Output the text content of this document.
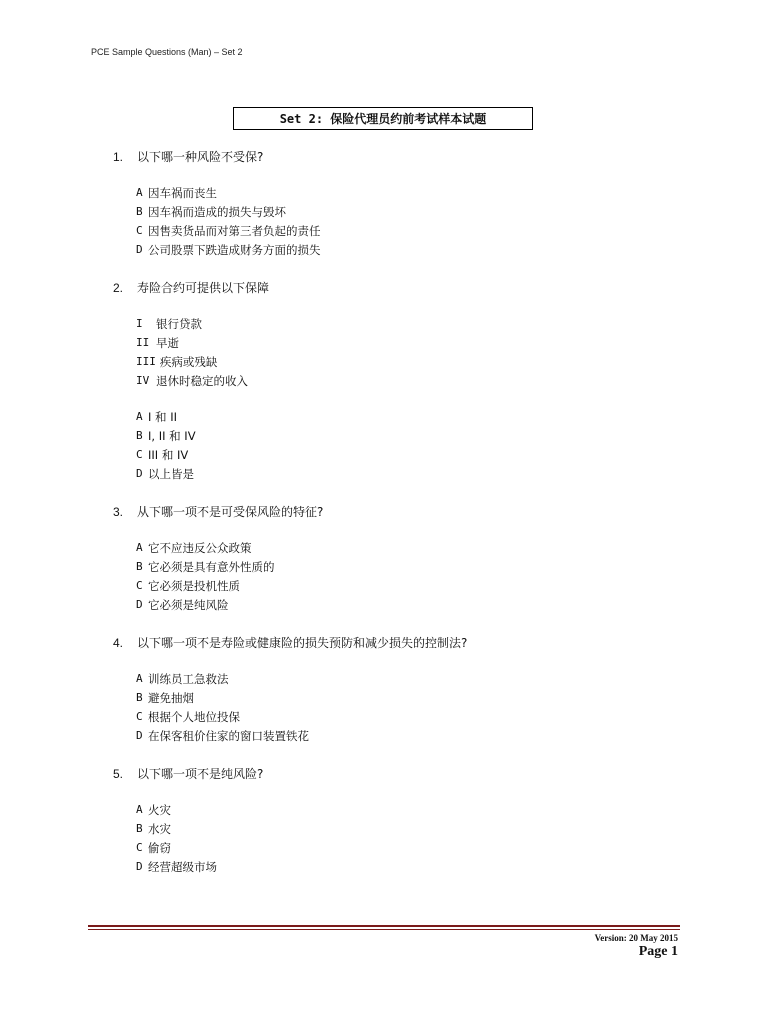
PCE Sample Questions (Man) – Set 2
Set 2: 保险代理员约前考试样本试题
1.	以下哪一种风险不受保?
A 因车祸而丧生
B 因车祸而造成的损失与毁坏
C 因售卖货品而对第三者负起的责任
D 公司股票下跌造成财务方面的损失
2.	寿险合约可提供以下保障
I	银行贷款
II 早逝
III 疾病或残缺
IV 退休时稳定的收入
A I 和 II
B I, II 和 IV
C III 和 IV
D 以上皆是
3.	从下哪一项不是可受保风险的特征?
A 它不应违反公众政策
B 它必须是具有意外性质的
C 它必须是投机性质
D 它必须是纯风险
4.	以下哪一项不是寿险或健康险的损失预防和减少损失的控制法?
A 训练员工急救法
B 避免抽烟
C 根据个人地位投保
D 在保客租价住家的窗口装置铁花
5.	以下哪一项不是纯风险?
A 火灾
B 水灾
C 偷窃
D 经营超级市场
Version: 20 May 2015
Page 1
